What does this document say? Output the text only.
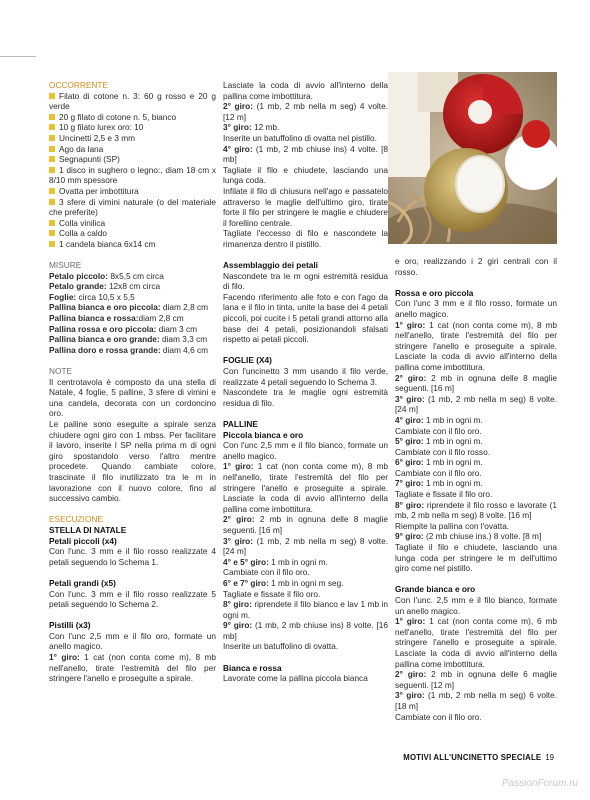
OCCORRENTE

Filato di cotone n. 3: 60 g rosso e 20 g verde

20 g filato di cotone n. 5, bianco

10 g filato lurex oro: 10

Uncinetti 2,5 e 3 mm

Ago da lana

Segnapunti (SP)

1 disco in sughero o legno:, diam 18 cm x 8/10 mm spessore

Ovatta per imbottitura

3 sfere di vimini naturale (o del materiale che preferite)

Colla vinilica

Colla a caldo

1 candela bianca 6x14 cm

MISURE

Petalo piccolo: 8x5,5 cm circa

Petalo grande: 12x8 cm circa

Foglie: circa 10,5 x 5,5

Pallina bianca e oro piccola: diam 2,8 cm

Pallina bianca e rossa:diam 2,8 cm

Pallina rossa e oro piccola: diam 3 cm

Pallina bianca e oro grande: diam 3,3 cm

Pallina doro e rossa grande: diam 4,6 cm

NOTE

Il centrotavola è composto da una stella di Natale, 4 foglie, 5 palline, 3 sfere di vimini e una candela, decorata con un cordoncino oro.

Le palline sono eseguite a spirale senza chiudere ogni giro con 1 mbss. Per facilitare il lavoro, inserite l SP nella prima m di ogni giro spostandolo verso l'altro mentre procedete. Quando cambiate colore, trascinate il filo inutilizzato tra le m in lavorazione con il nuovo colore, fino al successivo cambio.

ESECUZIONE

STELLA DI NATALE

Petali piccoli (x4)

Con l'unc. 3 mm e il filo rosso realizzate 4 petali seguendo lo Schema 1.

Petali grandi (x5)

Con l'unc. 3 mm e il filo rosso realizzate 5 petali seguendo lo Schema 2.

Pistilli (x3)

Con l'unc 2,5 mm e il filo oro, formate un anello magico.

1° giro: 1 cat (non conta come m), 8 mb nell'anello, tirate l'estremità del filo per stringere l'anello e proseguite a spirale.

Lasciate la coda di avvio all'interno della pallina come imbottitura.

2° giro: (1 mb, 2 mb nella m seg) 4 volte. [12 m]

3° giro: 12 mb.

Inserite un batuffolino di ovatta nel pistillo.

4° giro: (1 mb, 2 mb chiuse ins) 4 volte. [8 mb]

Tagliate il filo e chiudete, lasciando una lunga coda.

Infilate il filo di chiusura nell'ago e passatelo attraverso le maglie dell'ultimo giro, tirate forte il filo per stringere le maglie e chiudere il forellino centrale.

Tagliate l'eccesso di filo e nascondete la rimanenza dentro il pistillo.

Assemblaggio dei petali

Nascondete tra le m ogni estremità residua di filo.

Facendo riferimento alle foto e con l'ago da lana e il filo in tinta, unite la base dei 4 petali piccoli, poi cucite i 5 petali grandi attorno alla base dei 4 petali, posizionandoli sfalsati rispetto ai petali piccoli.

FOGLIE (X4)

Con l'uncinetto 3 mm usando il filo verde, realizzate 4 petali seguendo lo Schema 3.

Nascondete tra le maglie ogni estremità residua di filo.

PALLINE

Piccola bianca e oro

Con l'unc 2,5 mm e il filo bianco, formate un anello magico.

1° giro: 1 cat (non conta come m), 8 mb nell'anello, tirate l'estremità del filo per stringere l'anello e proseguite a spirale. Lasciate la coda di avvio all'interno della pallina come imbottitura.

2° giro: 2 mb in ognuna delle 8 maglie seguenti. [16 m]

3° giro: (1 mb, 2 mb nella m seg) 8 volte. [24 m]

4° e 5° giro: 1 mb in ogni m.

Cambiate con il filo oro.

6° e 7° giro: 1 mb in ogni m seg.

Tagliate e fissate il filo oro.

8° giro: riprendete il filo bianco e lav 1 mb in ogni m.

9° giro: (1 mb, 2 mb chiuse ins) 8 volte. [16 mb]

Inserite un batuffolino di ovatta.

Bianca e rossa

Lavorate come la pallina piccola bianca

e oro, realizzando i 2 giri centrali con il rosso.

Rossa e oro piccola

Con l'unc 3 mm e il filo rosso, formate un anello magico.

1° giro: 1 cat (non conta come m), 8 mb nell'anello, tirate l'estremità del filo per stringere l'anello e proseguite a spirale. Lasciate la coda di avvio all'interno della pallina come imbottitura.

2° giro: 2 mb in ognuna delle 8 maglie seguenti. [16 m]

3° giro: (1 mb, 2 mb nella m seg) 8 volte. [24 m]

4° giro: 1 mb in ogni m.

Cambiate con il filo oro.

5° giro: 1 mb in ogni m.

Cambiate con il filo rosso.

6° giro: 1 mb in ogni m.

Cambiate con il filo oro.

7° giro: 1 mb in ogni m.

Tagliate e fissate il filo oro.

8° giro: riprendete il filo rosso e lavorate (1 mb, 2 mb nella m seg) 8 volte. [16 m]

Riempite la pallina con l'ovatta.

9° giro: (2 mb chiuse ins.) 8 volte. [8 m]

Tagliate il filo e chiudete, lasciando una lunga coda per stringere le m dell'ultimo giro come nel pistillo.

Grande bianca e oro

Con l'unc. 2,5 mm e il filo bianco, formate un anello magico.

1° giro: 1 cat (non conta come m), 6 mb nell'anello, tirate l'estremità del filo per stringere l'anello e proseguite a spirale. Lasciate la coda di avvio all'interno della pallina come imbottitura.

2° giro: 2 mb in ognuna delle 6 maglie seguenti. [12 m]

3° giro: (1 mb, 2 mb nella m seg) 6 volte. [18 m]

Cambiate con il filo oro.

MOTIVI ALL'UNCINETTO SPECIALE 19
PassionForum.ru
